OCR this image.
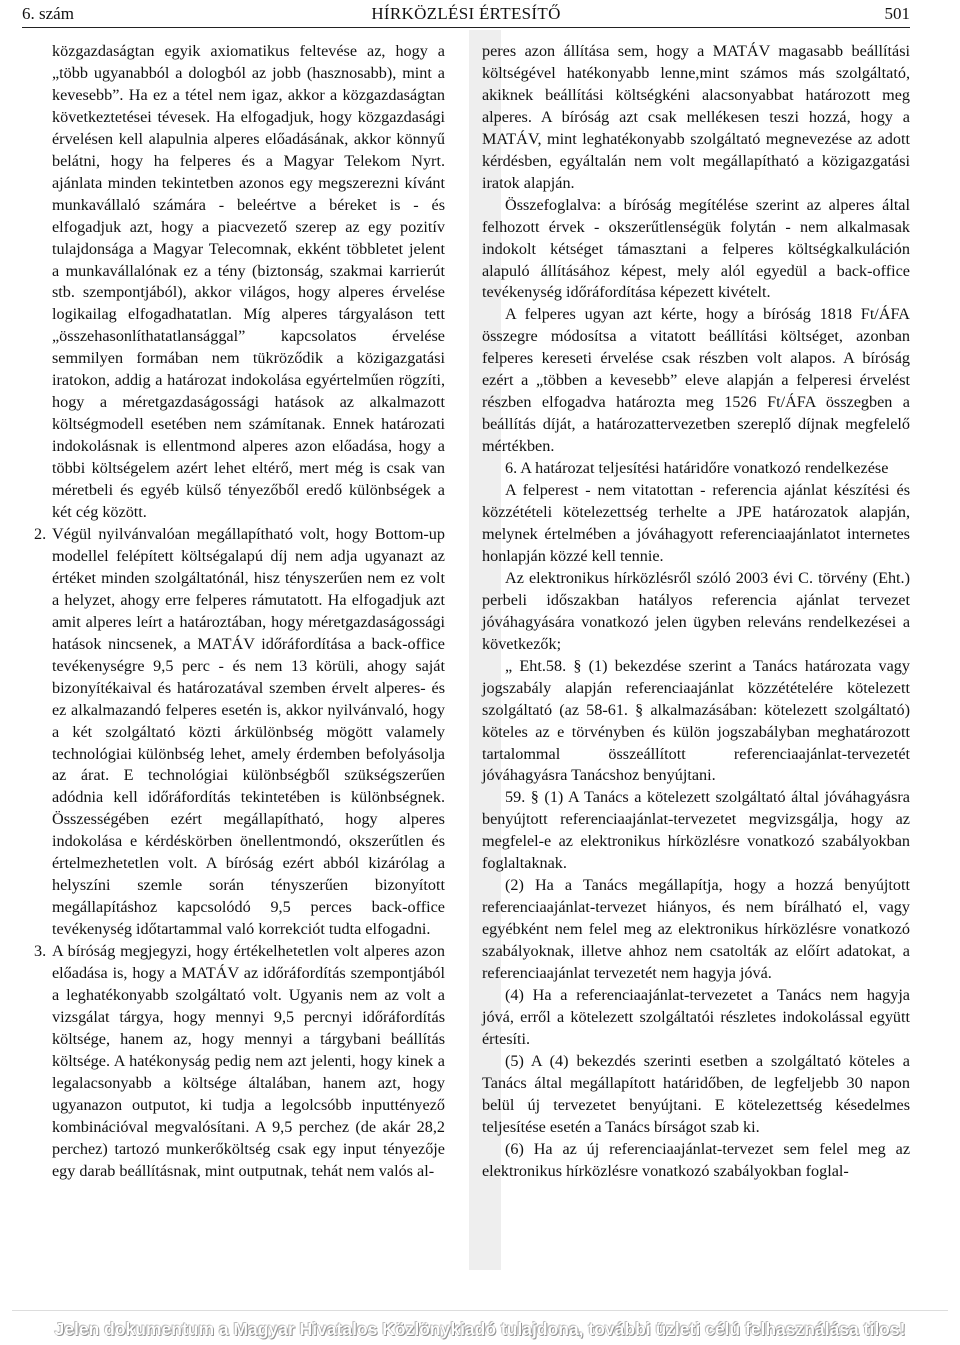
6. szám	HÍRKÖZLÉSI ÉRTESÍTŐ	501

közgazdaságtan egyik axiomatikus feltevése az, hogy a „több ugyanabból a dologból az jobb (hasznosabb), mint a kevesebb”. Ha ez a tétel nem igaz, akkor a közgazdaságtan következtetései tévesek. Ha elfogadjuk, hogy közgazdasági érvelésen kell alapulnia alperes előadásának, akkor könnyű belátni, hogy ha felperes és a Magyar Telekom Nyrt. ajánlata minden tekintetben azonos egy megszerezni kívánt munkavállaló számára - beleértve a béreket is - és elfogadjuk azt, hogy a piacvezető szerep az egy pozitív tulajdonsága a Magyar Telecomnak, ekként többletet jelent a munkavállalónak ez a tény (biztonság, szakmai karrierút stb. szempontjából), akkor világos, hogy alperes érvelése logikailag elfogadhatatlan. Míg alperes tárgyaláson tett „összehasonlíthatatlansággal” kapcsolatos érvelése semmilyen formában nem tükröződik a közigazgatási iratokon, addig a határozat indokolása egyértelműen rögzíti, hogy a méretgazdaságossági hatások az alkalmazott költségmodell esetében nem számítanak. Ennek határozati indokolásnak is ellentmond alperes azon előadása, hogy a többi költségelem azért lehet eltérő, mert még is csak van méretbeli és egyéb külső tényezőből eredő különbségek a két cég között.

2. Végül nyilvánvalóan megállapítható volt, hogy Bottom-up modellel felépített költségalapú díj nem adja ugyanazt az értéket minden szolgáltatónál, hisz tényszerűen nem ez volt a helyzet, ahogy erre felperes rámutatott. Ha elfogadjuk azt amit alperes leírt a határoztában, hogy méretgazdaságossági hatások nincsenek, a MATÁV időráfordítása a back-office tevékenységre 9,5 perc - és nem 13 körüli, ahogy saját bizonyítékaival és határozatával szemben érvelt alperes- és ez alkalmazandó felperes esetén is, akkor nyilvánvaló, hogy a két szolgáltató közti árkülönbség mögött valamely technológiai különbség lehet, amely érdemben befolyásolja az árat. E technológiai különbségből szükségszerűen adódnia kell időráfordítás tekintetében is különbségnek. Összességében ezért megállapítható, hogy alperes indokolása e kérdéskörben önellentmondó, okszerűtlen és értelmezhetetlen volt. A bíróság ezért abból kizárólag a helyszíni szemle során tényszerűen bizonyított megállapításhoz kapcsolódó 9,5 perces back-office tevékenység időtartammal való korrekciót tudta elfogadni.

3. A bíróság megjegyzi, hogy értékelhetetlen volt alperes azon előadása is, hogy a MATÁV az időráfordítás szempontjából a leghatékonyabb szolgáltató volt. Ugyanis nem az volt a vizsgálat tárgya, hogy mennyi 9,5 percnyi időráfordítás költsége, hanem az, hogy mennyi a tárgybani beállítás költsége. A hatékonyság pedig nem azt jelenti, hogy kinek a legalacsonyabb a költsége általában, hanem azt, hogy ugyanazon outputot, ki tudja a legolcsóbb inputtényező kombinációval megvalósítani. A 9,5 perchez (de akár 28,2 perchez) tartozó munkerőköltség csak egy input tényezője egy darab beállításnak, mint outputnak, tehát nem valós al-

peres azon állítása sem, hogy a MATÁV magasabb beállítási költségével hatékonyabb lenne,mint számos más szolgáltató, akiknek beállítási költségkéni alacsonyabbat határozott meg alperes. A bíróság azt csak mellékesen teszi hozzá, hogy a MATÁV, mint leghatékonyabb szolgáltató megnevezése az adott kérdésben, egyáltalán nem volt megállapítható a közigazgatási iratok alapján.

Összefoglalva: a bíróság megítélése szerint az alperes által felhozott érvek - okszerűtlenségük folytán - nem alkalmasak indokolt kétséget támasztani a felperes költségkalkuláción alapuló állításához képest, mely alól egyedül a back-office tevékenység időráfordítása képezett kivételt.

A felperes ugyan azt kérte, hogy a bíróság 1818 Ft/ÁFA összegre módosítsa a vitatott beállítási költséget, azonban felperes kereseti érvelése csak részben volt alapos. A bíróság ezért a „többen a kevesebb” eleve alapján a felperesi érvelést részben elfogadva határozta meg 1526 Ft/ÁFA összegben a beállítás díját, a határozattervezetben szereplő díjnak megfelelő mértékben.

6. A határozat teljesítési határidőre vonatkozó rendelkezése

A felperest - nem vitatottan - referencia ajánlat készítési és közzétételi kötelezettség terhelte a JPE határozatok alapján, melynek értelmében a jóváhagyott referenciaajánlatot internetes honlapján közzé kell tennie.

Az elektronikus hírközlésről szóló 2003 évi C. törvény (Eht.) perbeli időszakban hatályos referencia ajánlat tervezet jóváhagyására vonatkozó jelen ügyben releváns rendelkezései a következők;

„ Eht.58. § (1) bekezdése szerint a Tanács határozata vagy jogszabály alapján referenciaajánlat közzétételére kötelezett szolgáltató (az 58-61. § alkalmazásában: kötelezett szolgáltató) köteles az e törvényben és külön jogszabályban meghatározott tartalommal összeállított referenciaajánlat-tervezetét jóváhagyásra Tanácshoz benyújtani.

59. § (1) A Tanács a kötelezett szolgáltató által jóváhagyásra benyújtott referenciaajánlat-tervezetet megvizsgálja, hogy az megfelel-e az elektronikus hírközlésre vonatkozó szabályokban foglaltaknak.

(2) Ha a Tanács megállapítja, hogy a hozzá benyújtott referenciaajánlat-tervezet hiányos, és nem bírálható el, vagy egyébként nem felel meg az elektronikus hírközlésre vonatkozó szabályoknak, illetve ahhoz nem csatolták az előírt adatokat, a referenciaajánlat tervezetét nem hagyja jóvá.

(4) Ha a referenciaajánlat-tervezetet a Tanács nem hagyja jóvá, erről a kötelezett szolgáltatói részletes indokolással együtt értesíti.

(5) A (4) bekezdés szerinti esetben a szolgáltató köteles a Tanács által megállapított határidőben, de legfeljebb 30 napon belül új tervezetet benyújtani. E kötelezettség késedelmes teljesítése esetén a Tanács bírságot szab ki.

(6) Ha az új referenciaajánlat-tervezet sem felel meg az elektronikus hírközlésre vonatkozó szabályokban foglal-

Jelen dokumentum a Magyar Hivatalos Közlönykiadó tulajdona, további üzleti célú felhasználása tilos!
